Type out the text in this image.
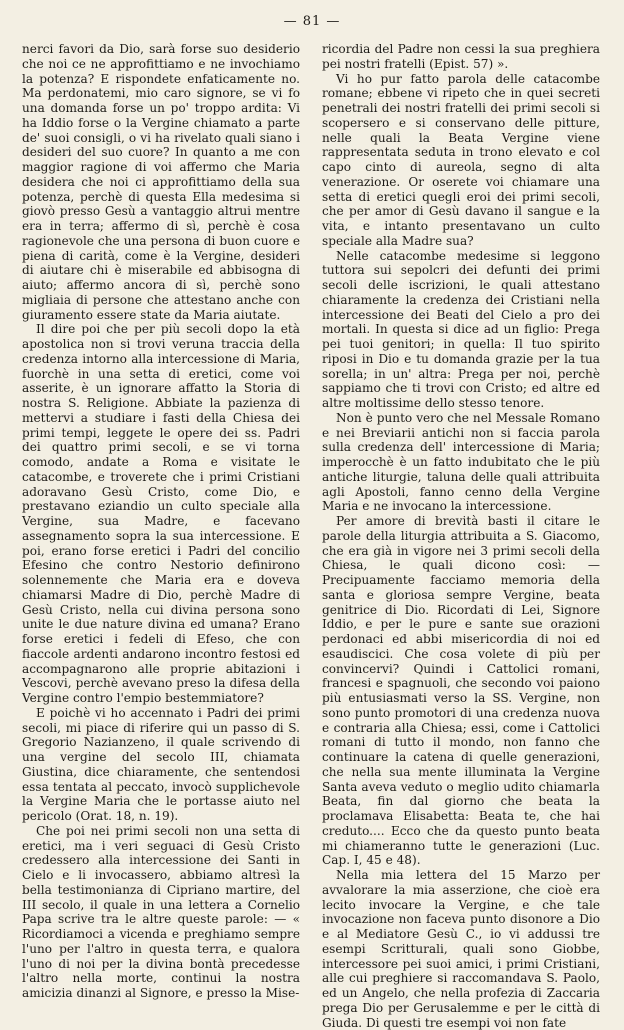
— 81 —

nerci favori da Dio, sarà forse suo desiderio che noi ce ne approfittiamo e ne invochiamo la potenza? E rispondete enfaticamente no. Ma perdonatemi, mio caro signore, se vi fo una domanda forse un po' troppo ardita: Vi ha Iddio forse o la Vergine chiamato a parte de' suoi consigli, o vi ha rivelato quali siano i desideri del suo cuore? In quanto a me con maggior ragione di voi affermo che Maria desidera che noi ci approfittiamo della sua potenza, perchè di questa Ella medesima si giovò presso Gesù a vantaggio altrui mentre era in terra; affermo di sì, perchè è cosa ragionevole che una persona di buon cuore e piena di carità, come è la Vergine, desideri di aiutare chi è miserabile ed abbisogna di aiuto; affermo ancora di sì, perchè sono migliaia di persone che attestano anche con giuramento essere state da Maria aiutate.

Il dire poi che per più secoli dopo la età apostolica non si trovi veruna traccia della credenza intorno alla intercessione di Maria, fuorchè in una setta di eretici, come voi asserite, è un ignorare affatto la Storia di nostra S. Religione. Abbiate la pazienza di mettervi a studiare i fasti della Chiesa dei primi tempi, leggete le opere dei ss. Padri dei quattro primi secoli, e se vi torna comodo, andate a Roma e visitate le catacombe, e troverete che i primi Cristiani adoravano Gesù Cristo, come Dio, e prestavano eziandio un culto speciale alla Vergine, sua Madre, e facevano assegnamento sopra la sua intercessione. E poi, erano forse eretici i Padri del concilio Efesino che contro Nestorio definirono solennemente che Maria era e doveva chiamarsi Madre di Dio, perchè Madre di Gesù Cristo, nella cui divina persona sono unite le due nature divina ed umana? Erano forse eretici i fedeli di Efeso, che con fiaccole ardenti andarono incontro festosi ed accompagnarono alle proprie abitazioni i Vescovi, perchè avevano preso la difesa della Vergine contro l'empio bestemmiatore?

E poichè vi ho accennato i Padri dei primi secoli, mi piace di riferire qui un passo di S. Gregorio Nazianzeno, il quale scrivendo di una vergine del secolo III, chiamata Giustina, dice chiaramente, che sentendosi essa tentata al peccato, invocò supplichevole la Vergine Maria che le portasse aiuto nel pericolo (Orat. 18, n. 19).

Che poi nei primi secoli non una setta di eretici, ma i veri seguaci di Gesù Cristo credessero alla intercessione dei Santi in Cielo e li invocassero, abbiamo altresì la bella testimonianza di Cipriano martire, del III secolo, il quale in una lettera a Cornelio Papa scrive tra le altre queste parole: — « Ricordiamoci a vicenda e preghiamo sempre l'uno per l'altro in questa terra, e qualora l'uno di noi per la divina bontà precedesse l'altro nella morte, continui la nostra amicizia dinanzi al Signore, e presso la Mise-

ricordia del Padre non cessi la sua preghiera pei nostri fratelli (Epist. 57) ».

Vi ho pur fatto parola delle catacombe romane; ebbene vi ripeto che in quei secreti penetrali dei nostri fratelli dei primi secoli si scopersero e si conservano delle pitture, nelle quali la Beata Vergine viene rappresentata seduta in trono elevato e col capo cinto di aureola, segno di alta venerazione. Or oserete voi chiamare una setta di eretici quegli eroi dei primi secoli, che per amor di Gesù davano il sangue e la vita, e intanto presentavano un culto speciale alla Madre sua?

Nelle catacombe medesime si leggono tuttora sui sepolcri dei defunti dei primi secoli delle iscrizioni, le quali attestano chiaramente la credenza dei Cristiani nella intercessione dei Beati del Cielo a pro dei mortali. In questa si dice ad un figlio: Prega pei tuoi genitori; in quella: Il tuo spirito riposi in Dio e tu domanda grazie per la tua sorella; in un' altra: Prega per noi, perchè sappiamo che ti trovi con Cristo; ed altre ed altre moltissime dello stesso tenore.

Non è punto vero che nel Messale Romano e nei Breviarii antichi non si faccia parola sulla credenza dell' intercessione di Maria; imperocchè è un fatto indubitato che le più antiche liturgie, taluna delle quali attribuita agli Apostoli, fanno cenno della Vergine Maria e ne invocano la intercessione.

Per amore di brevità basti il citare le parole della liturgia attribuita a S. Giacomo, che era già in vigore nei 3 primi secoli della Chiesa, le quali dicono così: — Precipuamente facciamo memoria della santa e gloriosa sempre Vergine, beata genitrice di Dio. Ricordati di Lei, Signore Iddio, e per le pure e sante sue orazioni perdonaci ed abbi misericordia di noi ed esaudiscici. Che cosa volete di più per convincervi? Quindi i Cattolici romani, francesi e spagnuoli, che secondo voi paiono più entusiasmati verso la SS. Vergine, non sono punto promotori di una credenza nuova e contraria alla Chiesa; essi, come i Cattolici romani di tutto il mondo, non fanno che continuare la catena di quelle generazioni, che nella sua mente illuminata la Vergine Santa aveva veduto o meglio udito chiamarla Beata, fin dal giorno che beata la proclamava Elisabetta: Beata te, che hai creduto.... Ecco che da questo punto beata mi chiameranno tutte le generazioni (Luc. Cap. I, 45 e 48).

Nella mia lettera del 15 Marzo per avvalorare la mia asserzione, che cioè era lecito invocare la Vergine, e che tale invocazione non faceva punto disonore a Dio e al Mediatore Gesù C., io vi addussi tre esempi Scritturali, quali sono Giobbe, intercessore pei suoi amici, i primi Cristiani, alle cui preghiere si raccomandava S. Paolo, ed un Angelo, che nella profezia di Zaccaria prega Dio per Gerusalemme e per le città di Giuda. Di questi tre esempi voi non fate
